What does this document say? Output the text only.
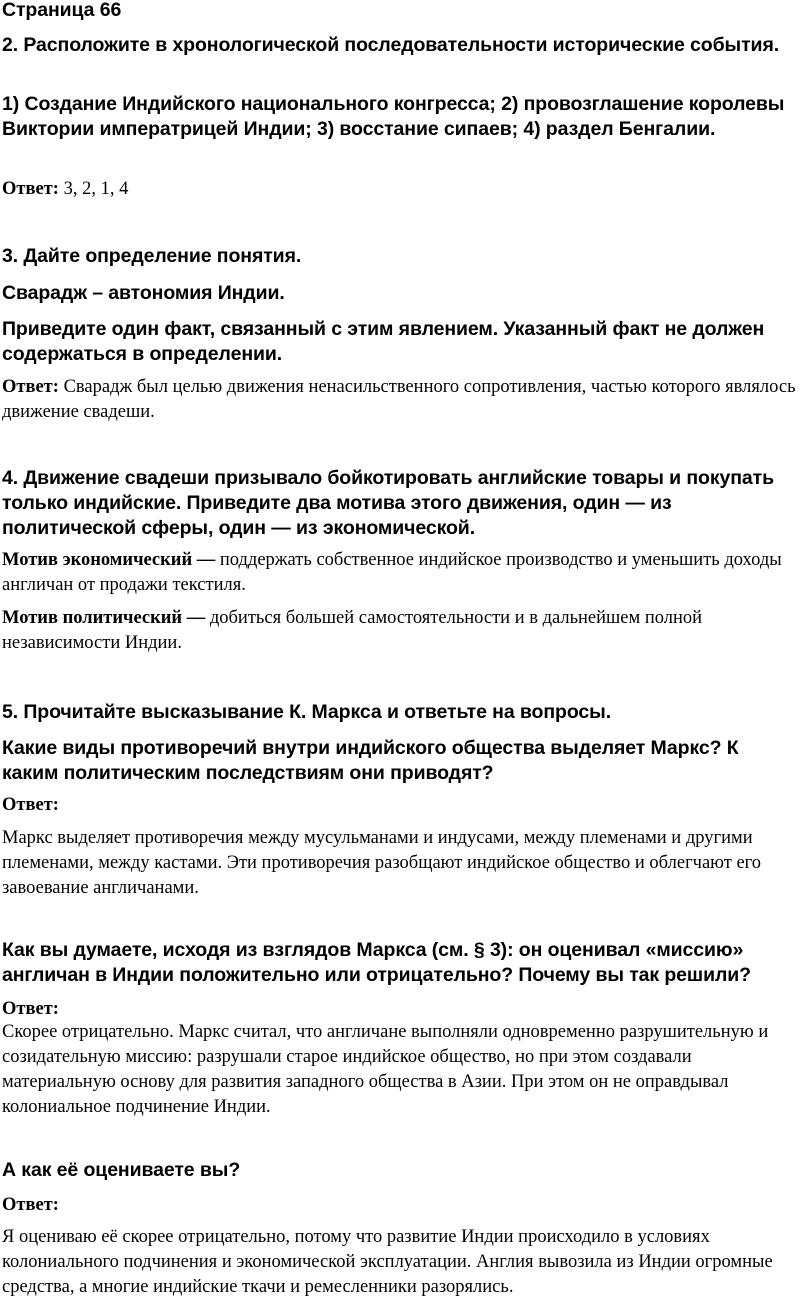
Страница 66
2. Расположите в хронологической последовательности исторические события.
1) Создание Индийского национального конгресса; 2) провозглашение королевы Виктории императрицей Индии; 3) восстание сипаев; 4) раздел Бенгалии.
Ответ: 3, 2, 1, 4
3. Дайте определение понятия.
Сварадж – автономия Индии.
Приведите один факт, связанный с этим явлением. Указанный факт не должен содержаться в определении.
Ответ: Сварадж был целью движения ненасильственного сопротивления, частью которого являлось движение свадеши.
4. Движение свадеши призывало бойкотировать английские товары и покупать только индийские. Приведите два мотива этого движения, один — из политической сферы, один — из экономической.
Мотив экономический — поддержать собственное индийское производство и уменьшить доходы англичан от продажи текстиля.
Мотив политический — добиться большей самостоятельности и в дальнейшем полной независимости Индии.
5. Прочитайте высказывание К. Маркса и ответьте на вопросы.
Какие виды противоречий внутри индийского общества выделяет Маркс? К каким политическим последствиям они приводят?
Ответ:
Маркс выделяет противоречия между мусульманами и индусами, между племенами и другими племенами, между кастами. Эти противоречия разобщают индийское общество и облегчают его завоевание англичанами.
Как вы думаете, исходя из взглядов Маркса (см. § 3): он оценивал «миссию» англичан в Индии положительно или отрицательно? Почему вы так решили?
Ответ:
Скорее отрицательно. Маркс считал, что англичане выполняли одновременно разрушительную и созидательную миссию: разрушали старое индийское общество, но при этом создавали материальную основу для развития западного общества в Азии. При этом он не оправдывал колониальное подчинение Индии.
А как её оцениваете вы?
Ответ:
Я оцениваю её скорее отрицательно, потому что развитие Индии происходило в условиях колониального подчинения и экономической эксплуатации. Англия вывозила из Индии огромные средства, а многие индийские ткачи и ремесленники разорялись.
